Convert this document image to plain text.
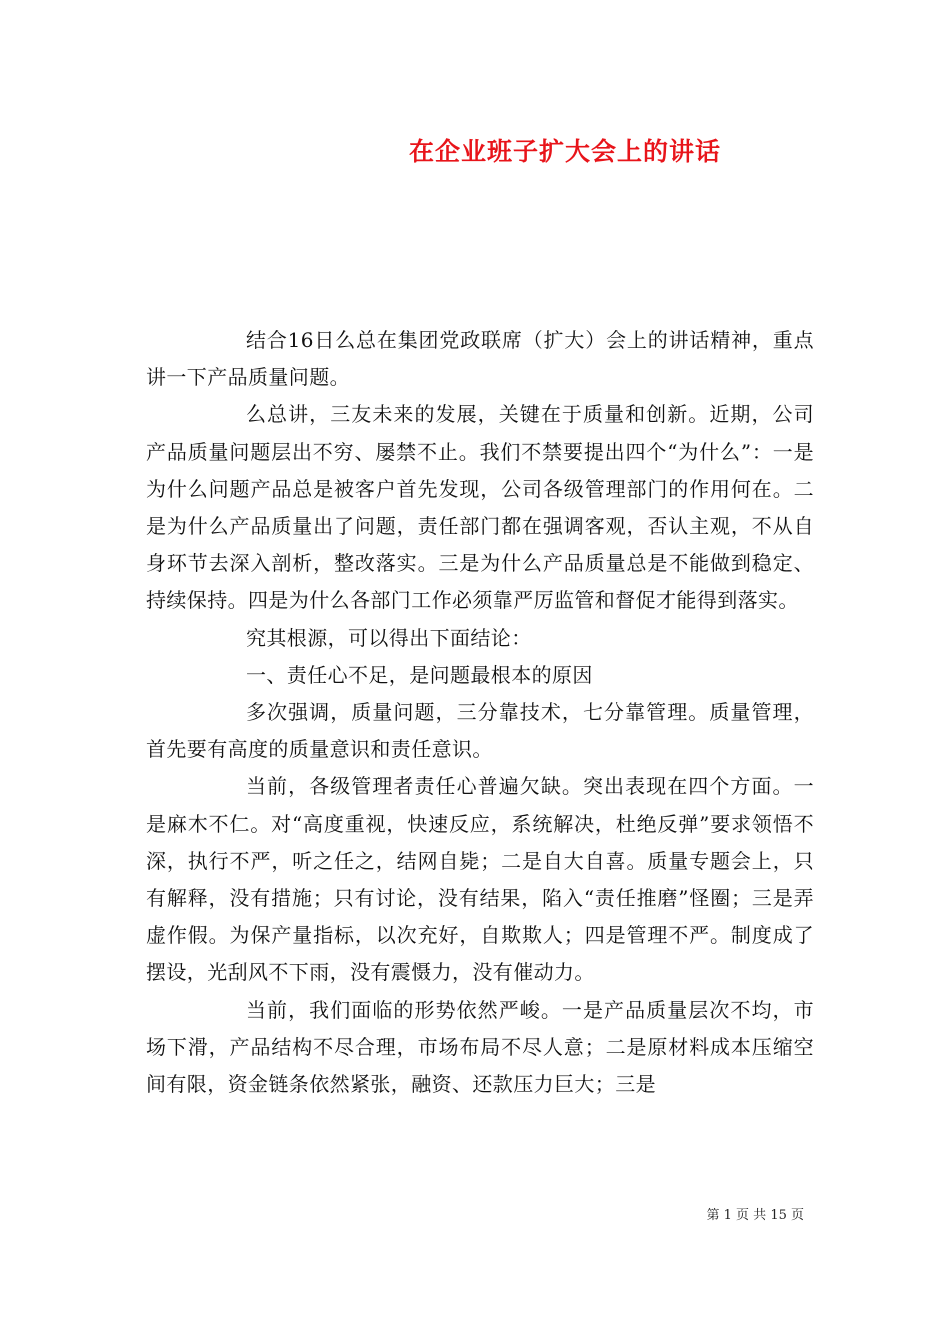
在企业班子扩大会上的讲话

结合16日么总在集团党政联席（扩大）会上的讲话精神，重点讲一下产品质量问题。

么总讲，三友未来的发展，关键在于质量和创新。近期，公司产品质量问题层出不穷、屡禁不止。我们不禁要提出四个“为什么”：一是为什么问题产品总是被客户首先发现，公司各级管理部门的作用何在。二是为什么产品质量出了问题，责任部门都在强调客观，否认主观，不从自身环节去深入剖析，整改落实。三是为什么产品质量总是不能做到稳定、持续保持。四是为什么各部门工作必须靠严厉监管和督促才能得到落实。

究其根源，可以得出下面结论：

一、责任心不足，是问题最根本的原因

多次强调，质量问题，三分靠技术，七分靠管理。质量管理，首先要有高度的质量意识和责任意识。

当前，各级管理者责任心普遍欠缺。突出表现在四个方面。一是麻木不仁。对“高度重视，快速反应，系统解决，杜绝反弹”要求领悟不深，执行不严，听之任之，结网自毙；二是自大自喜。质量专题会上，只有解释，没有措施；只有讨论，没有结果，陷入“责任推磨”怪圈；三是弄虚作假。为保产量指标，以次充好，自欺欺人；四是管理不严。制度成了摆设，光刮风不下雨，没有震慑力，没有催动力。

当前，我们面临的形势依然严峻。一是产品质量层次不均，市场下滑，产品结构不尽合理，市场布局不尽人意；二是原材料成本压缩空间有限，资金链条依然紧张，融资、还款压力巨大；三是

第 1 页 共 15 页
